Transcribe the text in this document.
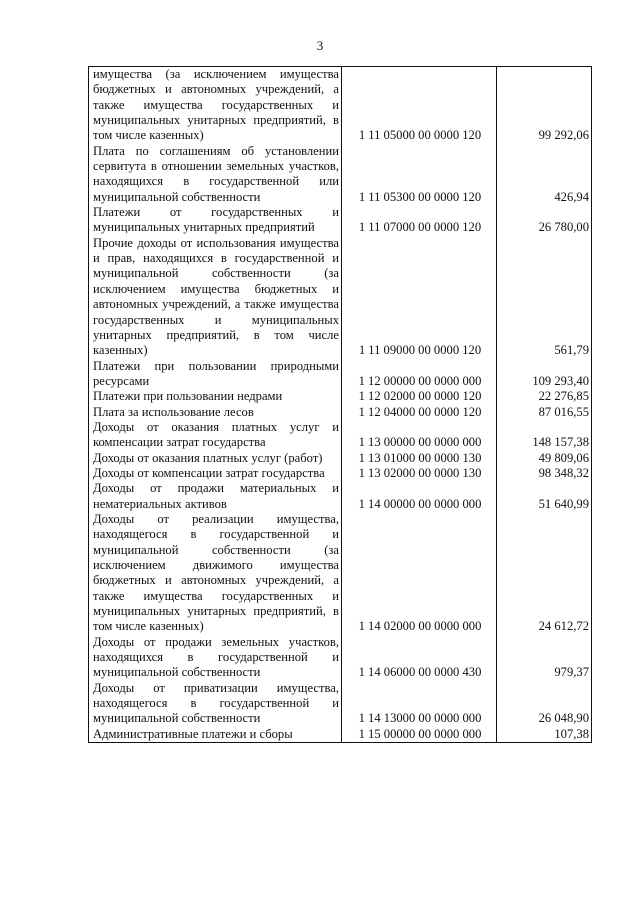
3
имущества (за исключением имущества бюджетных и автономных учреждений, а также имущества государственных и муниципальных унитарных предприятий, в том числе казенных)	1 11 05000 00 0000 120	99 292,06
Плата по соглашениям об установлении сервитута в отношении земельных участков, находящихся в государственной или муниципальной собственности	1 11 05300 00 0000 120	426,94
Платежи от государственных и муниципальных унитарных предприятий	1 11 07000 00 0000 120	26 780,00
Прочие доходы от использования имущества и прав, находящихся в государственной и муниципальной собственности (за исключением имущества бюджетных и автономных учреждений, а также имущества государственных и муниципальных унитарных предприятий, в том числе казенных)	1 11 09000 00 0000 120	561,79
Платежи при пользовании природными ресурсами	1 12 00000 00 0000 000	109 293,40
Платежи при пользовании недрами	1 12 02000 00 0000 120	22 276,85
Плата за использование лесов	1 12 04000 00 0000 120	87 016,55
Доходы от оказания платных услуг и компенсации затрат государства	1 13 00000 00 0000 000	148 157,38
Доходы от оказания платных услуг (работ)	1 13 01000 00 0000 130	49 809,06
Доходы от компенсации затрат государства	1 13 02000 00 0000 130	98 348,32
Доходы от продажи материальных и нематериальных активов	1 14 00000 00 0000 000	51 640,99
Доходы от реализации имущества, находящегося в государственной и муниципальной собственности (за исключением движимого имущества бюджетных и автономных учреждений, а также имущества государственных и муниципальных унитарных предприятий, в том числе казенных)	1 14 02000 00 0000 000	24 612,72
Доходы от продажи земельных участков, находящихся в государственной и муниципальной собственности	1 14 06000 00 0000 430	979,37
Доходы от приватизации имущества, находящегося в государственной и муниципальной собственности	1 14 13000 00 0000 000	26 048,90
Административные платежи и сборы	1 15 00000 00 0000 000	107,38
